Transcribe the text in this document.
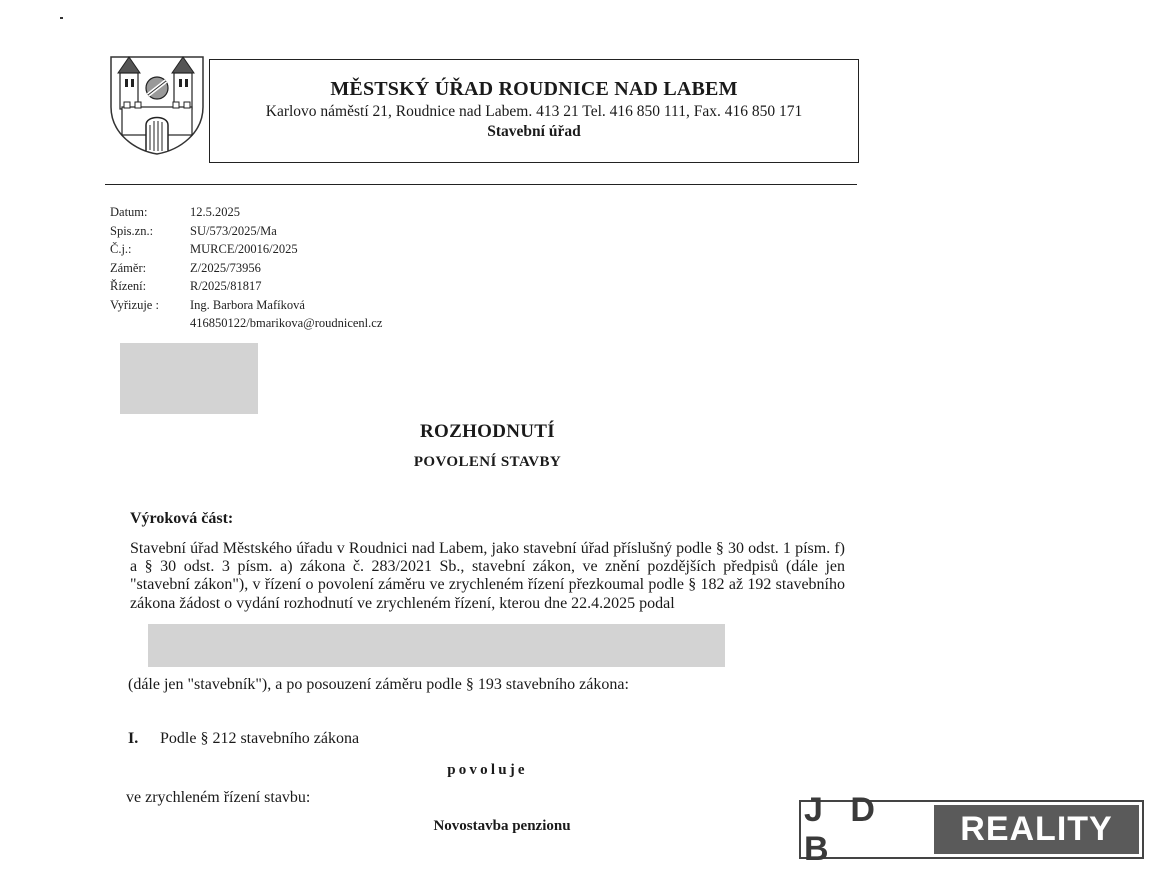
MĚSTSKÝ ÚŘAD ROUDNICE NAD LABEM
Karlovo náměstí 21, Roudnice nad Labem. 413 21 Tel. 416 850 111, Fax. 416 850 171
Stavební úřad
Datum:
Spis.zn.:
Č.j.:
Záměr:
Řízení:
Vyřizuje :
12.5.2025
SU/573/2025/Ma
MURCE/20016/2025
Z/2025/73956
R/2025/81817
Ing. Barbora Mafíková
416850122/bmarikova@roudnicenl.cz
ROZHODNUTÍ
POVOLENÍ STAVBY
Výroková část:
Stavební úřad Městského úřadu v Roudnici nad Labem, jako stavební úřad příslušný podle § 30 odst. 1 písm. f) a § 30 odst. 3 písm. a) zákona č. 283/2021 Sb., stavební zákon, ve znění pozdějších předpisů (dále jen "stavební zákon"), v řízení o povolení záměru ve zrychleném řízení přezkoumal podle § 182 až 192 stavebního zákona žádost o vydání rozhodnutí ve zrychleném řízení, kterou dne 22.4.2025 podal
(dále jen "stavebník"), a po posouzení záměru podle § 193 stavebního zákona:
I. Podle § 212 stavebního zákona
povoluje
ve zrychleném řízení stavbu:
Novostavba penzionu	J D B
REALITY
